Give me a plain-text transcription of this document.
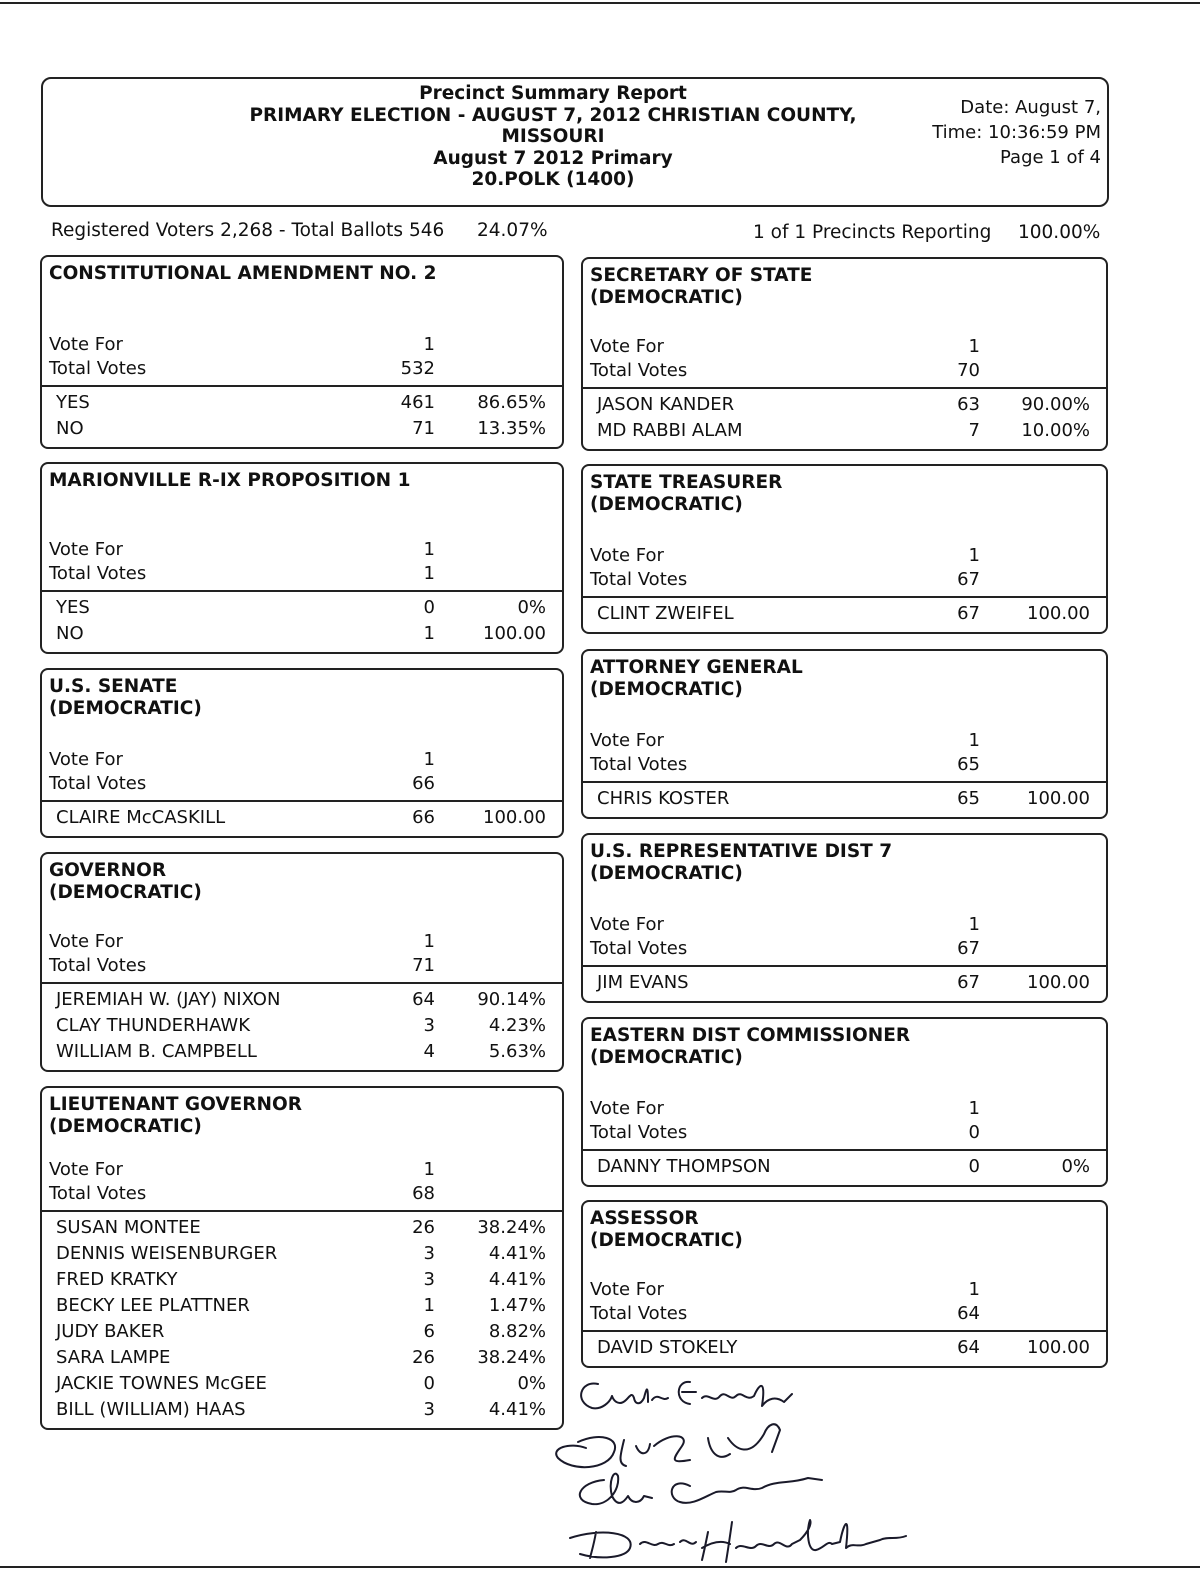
Precinct Summary Report
PRIMARY ELECTION - AUGUST 7, 2012 CHRISTIAN COUNTY,
MISSOURI
August 7 2012 Primary
20.POLK (1400)
Date: August 7,
Time: 10:36:59 PM
Page 1 of 4
Registered Voters 2,268 - Total Ballots 546 24.07%	1 of 1 Precincts Reporting 100.00%
CONSTITUTIONAL AMENDMENT NO. 2
Vote For	1
Total Votes	532
YES	461 86.65%
NO	71 13.35%
MARIONVILLE R-IX PROPOSITION 1
Vote For	1
Total Votes	1
YES	0	0%
NO	1	100.00
U.S. SENATE
(DEMOCRATIC)
Vote For	1
Total Votes	66
CLAIRE McCASKILL	66	100.00
GOVERNOR
(DEMOCRATIC)
Vote For	1
Total Votes	71
JEREMIAH W. (JAY) NIXON	64 90.14%
CLAY THUNDERHAWK	3	4.23%
WILLIAM B. CAMPBELL	4	5.63%
LIEUTENANT GOVERNOR
(DEMOCRATIC)
Vote For	1
Total Votes	68
SUSAN MONTEE	26 38.24%
DENNIS WEISENBURGER	3	4.41%
FRED KRATKY	3	4.41%
BECKY LEE PLATTNER	1	1.47%
JUDY BAKER	6	8.82%
SARA LAMPE	26 38.24%
JACKIE TOWNES McGEE	0	0%
BILL (WILLIAM) HAAS	3	4.41%
SECRETARY OF STATE
(DEMOCRATIC)
Vote For	1
Total Votes	70
JASON KANDER	63 90.00%
MD RABBI ALAM	7 10.00%
STATE TREASURER
(DEMOCRATIC)
Vote For	1
Total Votes	67
CLINT ZWEIFEL	67	100.00
ATTORNEY GENERAL
(DEMOCRATIC)
Vote For	1
Total Votes	65
CHRIS KOSTER	65	100.00
U.S. REPRESENTATIVE DIST 7
(DEMOCRATIC)
Vote For	1
Total Votes	67
JIM EVANS	67	100.00
EASTERN DIST COMMISSIONER
(DEMOCRATIC)
Vote For	1
Total Votes	0
DANNY THOMPSON	0	0%
ASSESSOR
(DEMOCRATIC)
Vote For	1
Total Votes	64
DAVID STOKELY	64	100.00
